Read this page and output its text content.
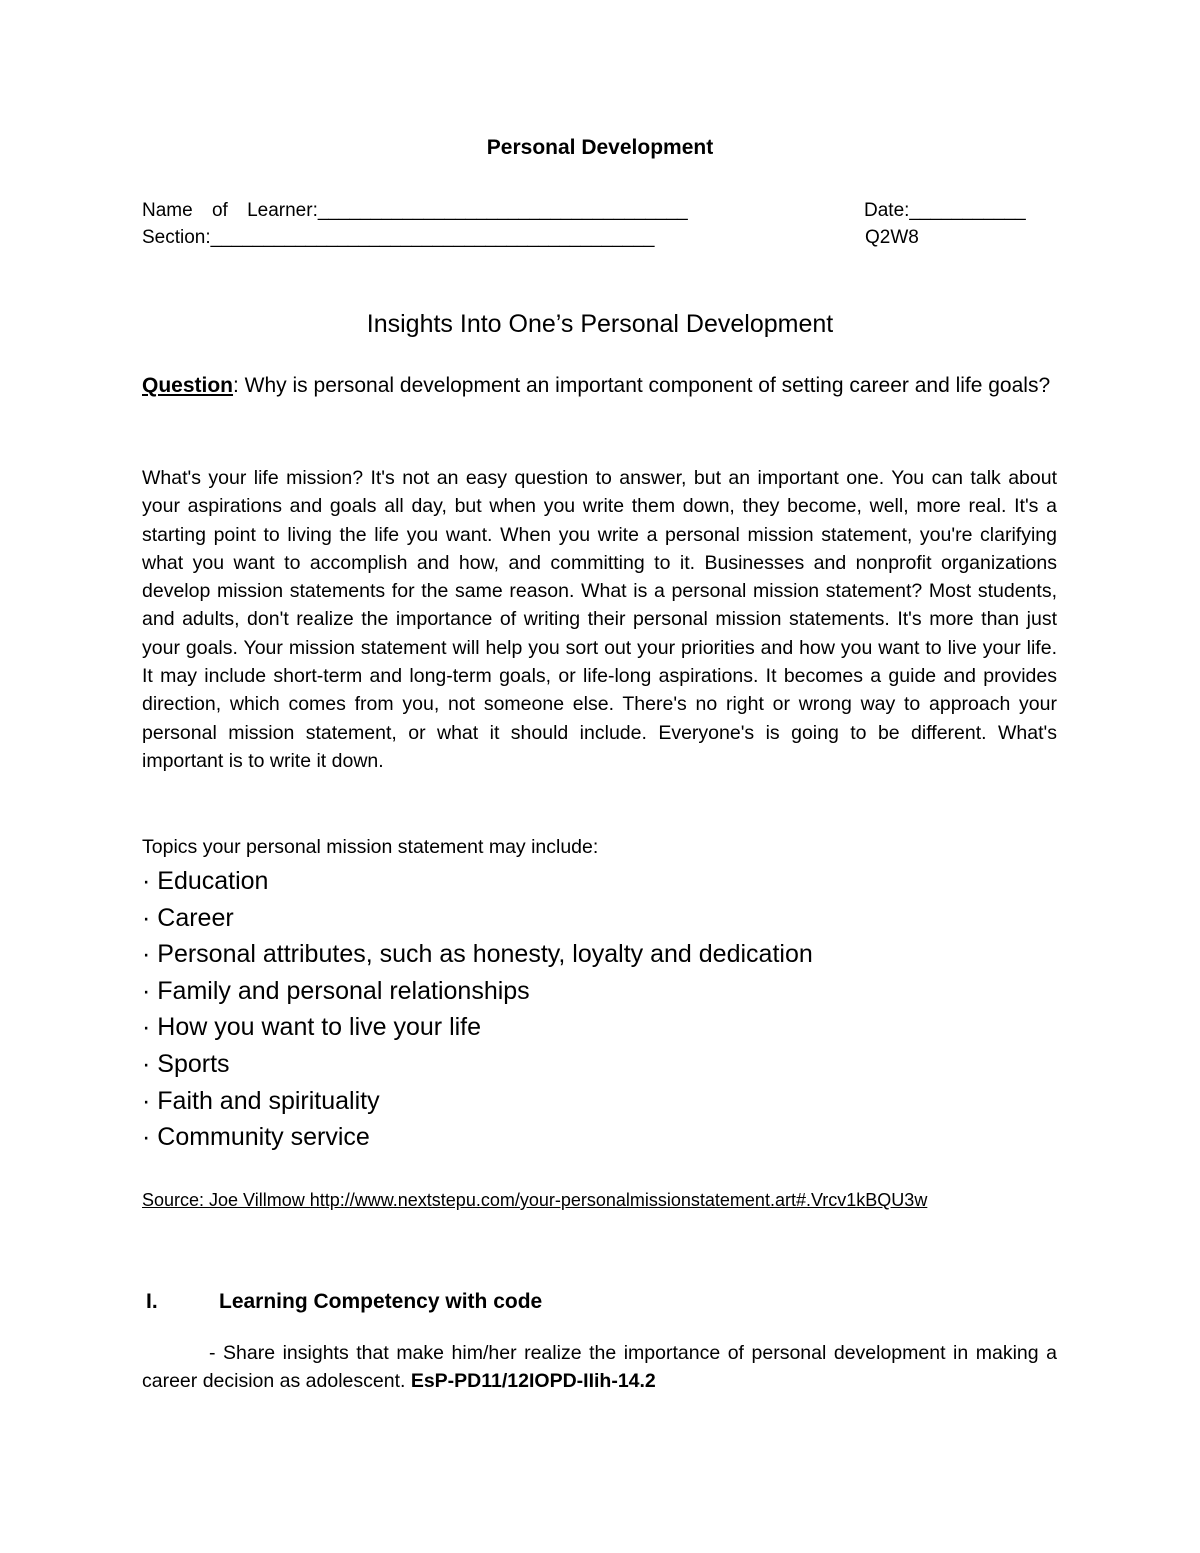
Personal Development
Name of Learner:___________________________________	Date:___________
Section:__________________________________________	Q2W8
Insights Into One’s Personal Development
Question: Why is personal development an important component of setting career and life goals?
What's your life mission? It's not an easy question to answer, but an important one. You can talk about your aspirations and goals all day, but when you write them down, they become, well, more real. It's a starting point to living the life you want. When you write a personal mission statement, you're clarifying what you want to accomplish and how, and committing to it. Businesses and nonprofit organizations develop mission statements for the same reason. What is a personal mission statement? Most students, and adults, don't realize the importance of writing their personal mission statements. It's more than just your goals. Your mission statement will help you sort out your priorities and how you want to live your life. It may include short-term and long-term goals, or life-long aspirations. It becomes a guide and provides direction, which comes from you, not someone else. There's no right or wrong way to approach your personal mission statement, or what it should include. Everyone's is going to be different. What's important is to write it down.
Topics your personal mission statement may include:
· Education
· Career
· Personal attributes, such as honesty, loyalty and dedication
· Family and personal relationships
· How you want to live your life
· Sports
· Faith and spirituality
· Community service
Source: Joe Villmow http://www.nextstepu.com/your-personalmissionstatement.art#.Vrcv1kBQU3w
I.	Learning Competency with code
- Share insights that make him/her realize the importance of personal development in making a career decision as adolescent. EsP-PD11/12IOPD-IIih-14.2
